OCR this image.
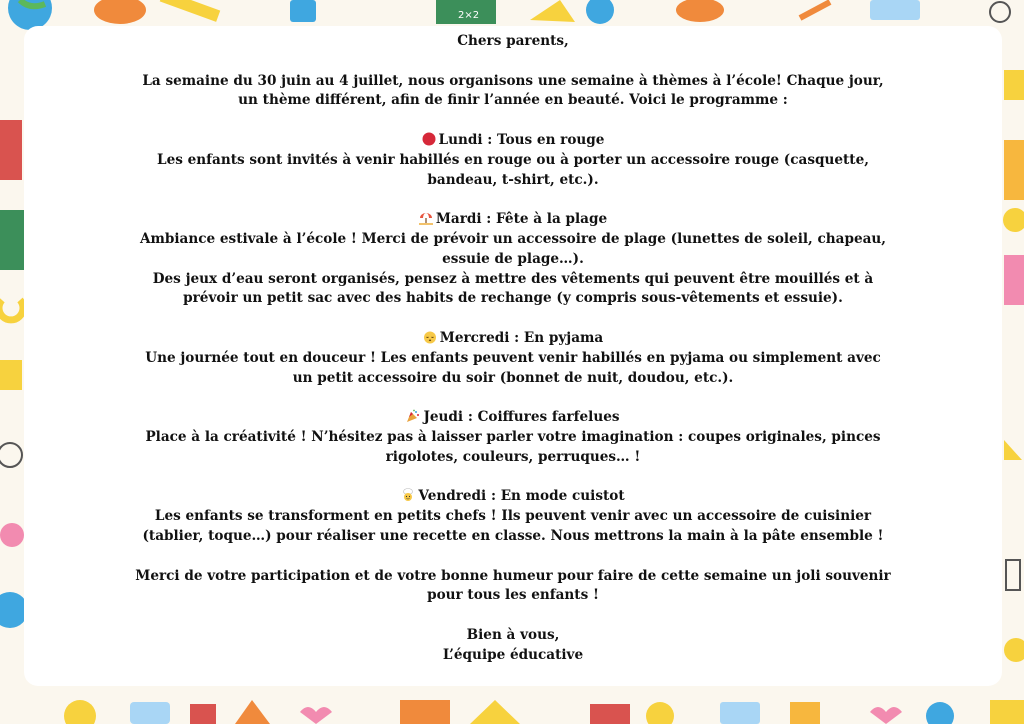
2×2

Chers parents,

La semaine du 30 juin au 4 juillet, nous organisons une semaine à thèmes à l’école! Chaque jour, un thème différent, afin de finir l’année en beauté. Voici le programme :

Lundi : Tous en rouge
Les enfants sont invités à venir habillés en rouge ou à porter un accessoire rouge (casquette, bandeau, t-shirt, etc.).

Mardi : Fête à la plage
Ambiance estivale à l’école ! Merci de prévoir un accessoire de plage (lunettes de soleil, chapeau, essuie de plage…).
Des jeux d’eau seront organisés, pensez à mettre des vêtements qui peuvent être mouillés et à prévoir un petit sac avec des habits de rechange (y compris sous-vêtements et essuie).

Mercredi : En pyjama
Une journée tout en douceur ! Les enfants peuvent venir habillés en pyjama ou simplement avec un petit accessoire du soir (bonnet de nuit, doudou, etc.).

Jeudi : Coiffures farfelues
Place à la créativité ! N’hésitez pas à laisser parler votre imagination : coupes originales, pinces rigolotes, couleurs, perruques… !

Vendredi : En mode cuistot
Les enfants se transforment en petits chefs ! Ils peuvent venir avec un accessoire de cuisinier (tablier, toque…) pour réaliser une recette en classe. Nous mettrons la main à la pâte ensemble !

Merci de votre participation et de votre bonne humeur pour faire de cette semaine un joli souvenir pour tous les enfants !

Bien à vous,

L’équipe éducative
